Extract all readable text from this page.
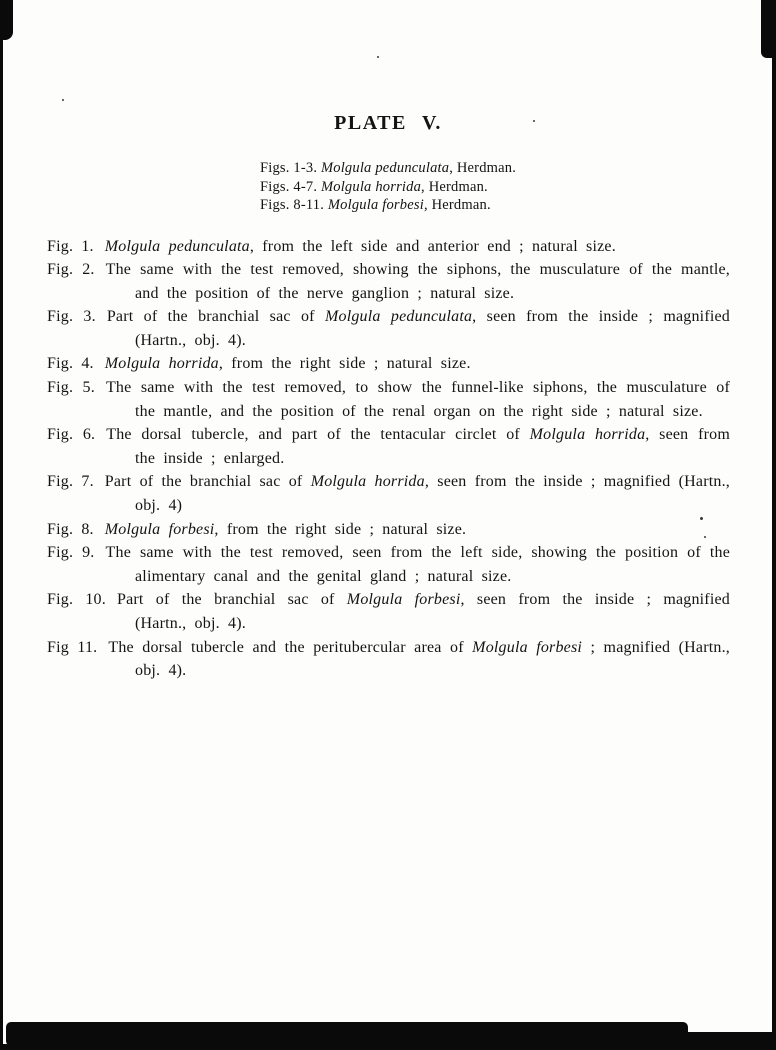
PLATE V.
Figs. 1-3. Molgula pedunculata, Herdman.
Figs. 4-7. Molgula horrida, Herdman.
Figs. 8-11. Molgula forbesi, Herdman.
Fig. 1. Molgula pedunculata, from the left side and anterior end ; natural size.
Fig. 2. The same with the test removed, showing the siphons, the musculature of the mantle, and the position of the nerve ganglion ; natural size.
Fig. 3. Part of the branchial sac of Molgula pedunculata, seen from the inside ; magnified (Hartn., obj. 4).
Fig. 4. Molgula horrida, from the right side ; natural size.
Fig. 5. The same with the test removed, to show the funnel-like siphons, the musculature of the mantle, and the position of the renal organ on the right side ; natural size.
Fig. 6. The dorsal tubercle, and part of the tentacular circlet of Molgula horrida, seen from the inside ; enlarged.
Fig. 7. Part of the branchial sac of Molgula horrida, seen from the inside ; magnified (Hartn., obj. 4)
Fig. 8. Molgula forbesi, from the right side ; natural size.
Fig. 9. The same with the test removed, seen from the left side, showing the position of the alimentary canal and the genital gland ; natural size.
Fig. 10. Part of the branchial sac of Molgula forbesi, seen from the inside ; magnified (Hartn., obj. 4).
Fig 11. The dorsal tubercle and the peritubercular area of Molgula forbesi ; magnified (Hartn., obj. 4).
